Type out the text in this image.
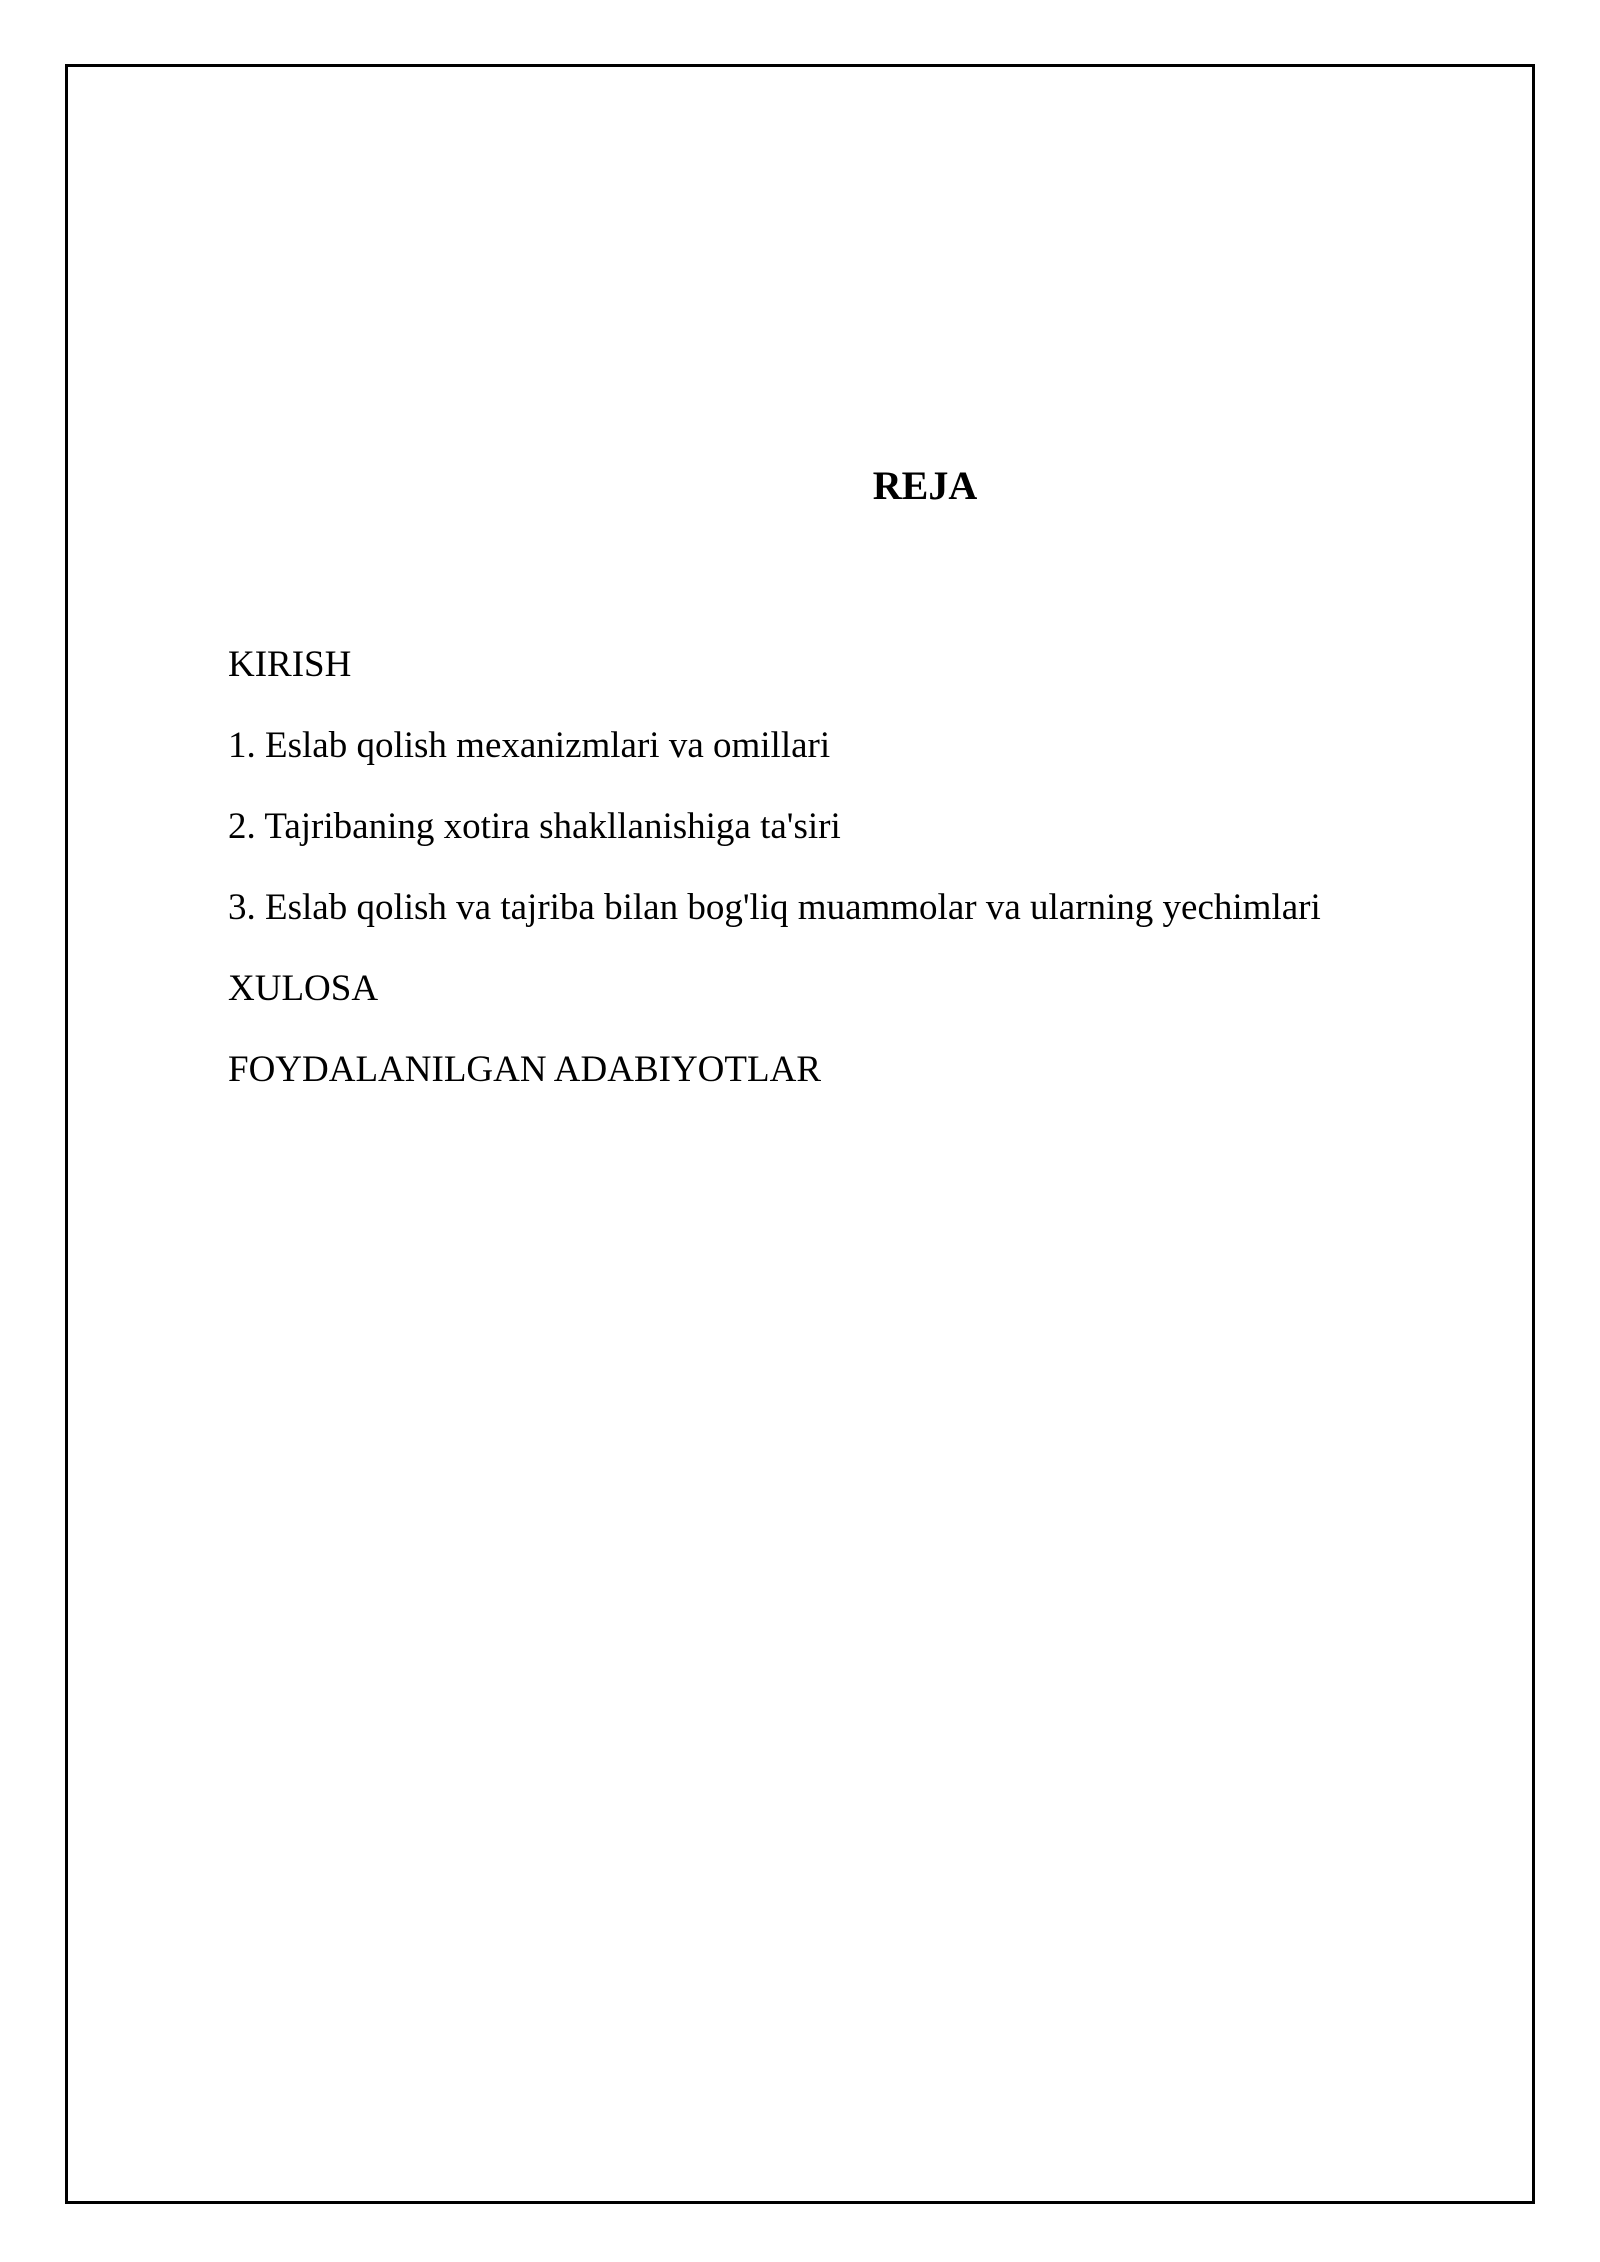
REJA
KIRISH
1. Eslab qolish mexanizmlari va omillari
2. Tajribaning xotira shakllanishiga ta'siri
3. Eslab qolish va tajriba bilan bog'liq muammolar va ularning yechimlari
XULOSA
FOYDALANILGAN ADABIYOTLAR
